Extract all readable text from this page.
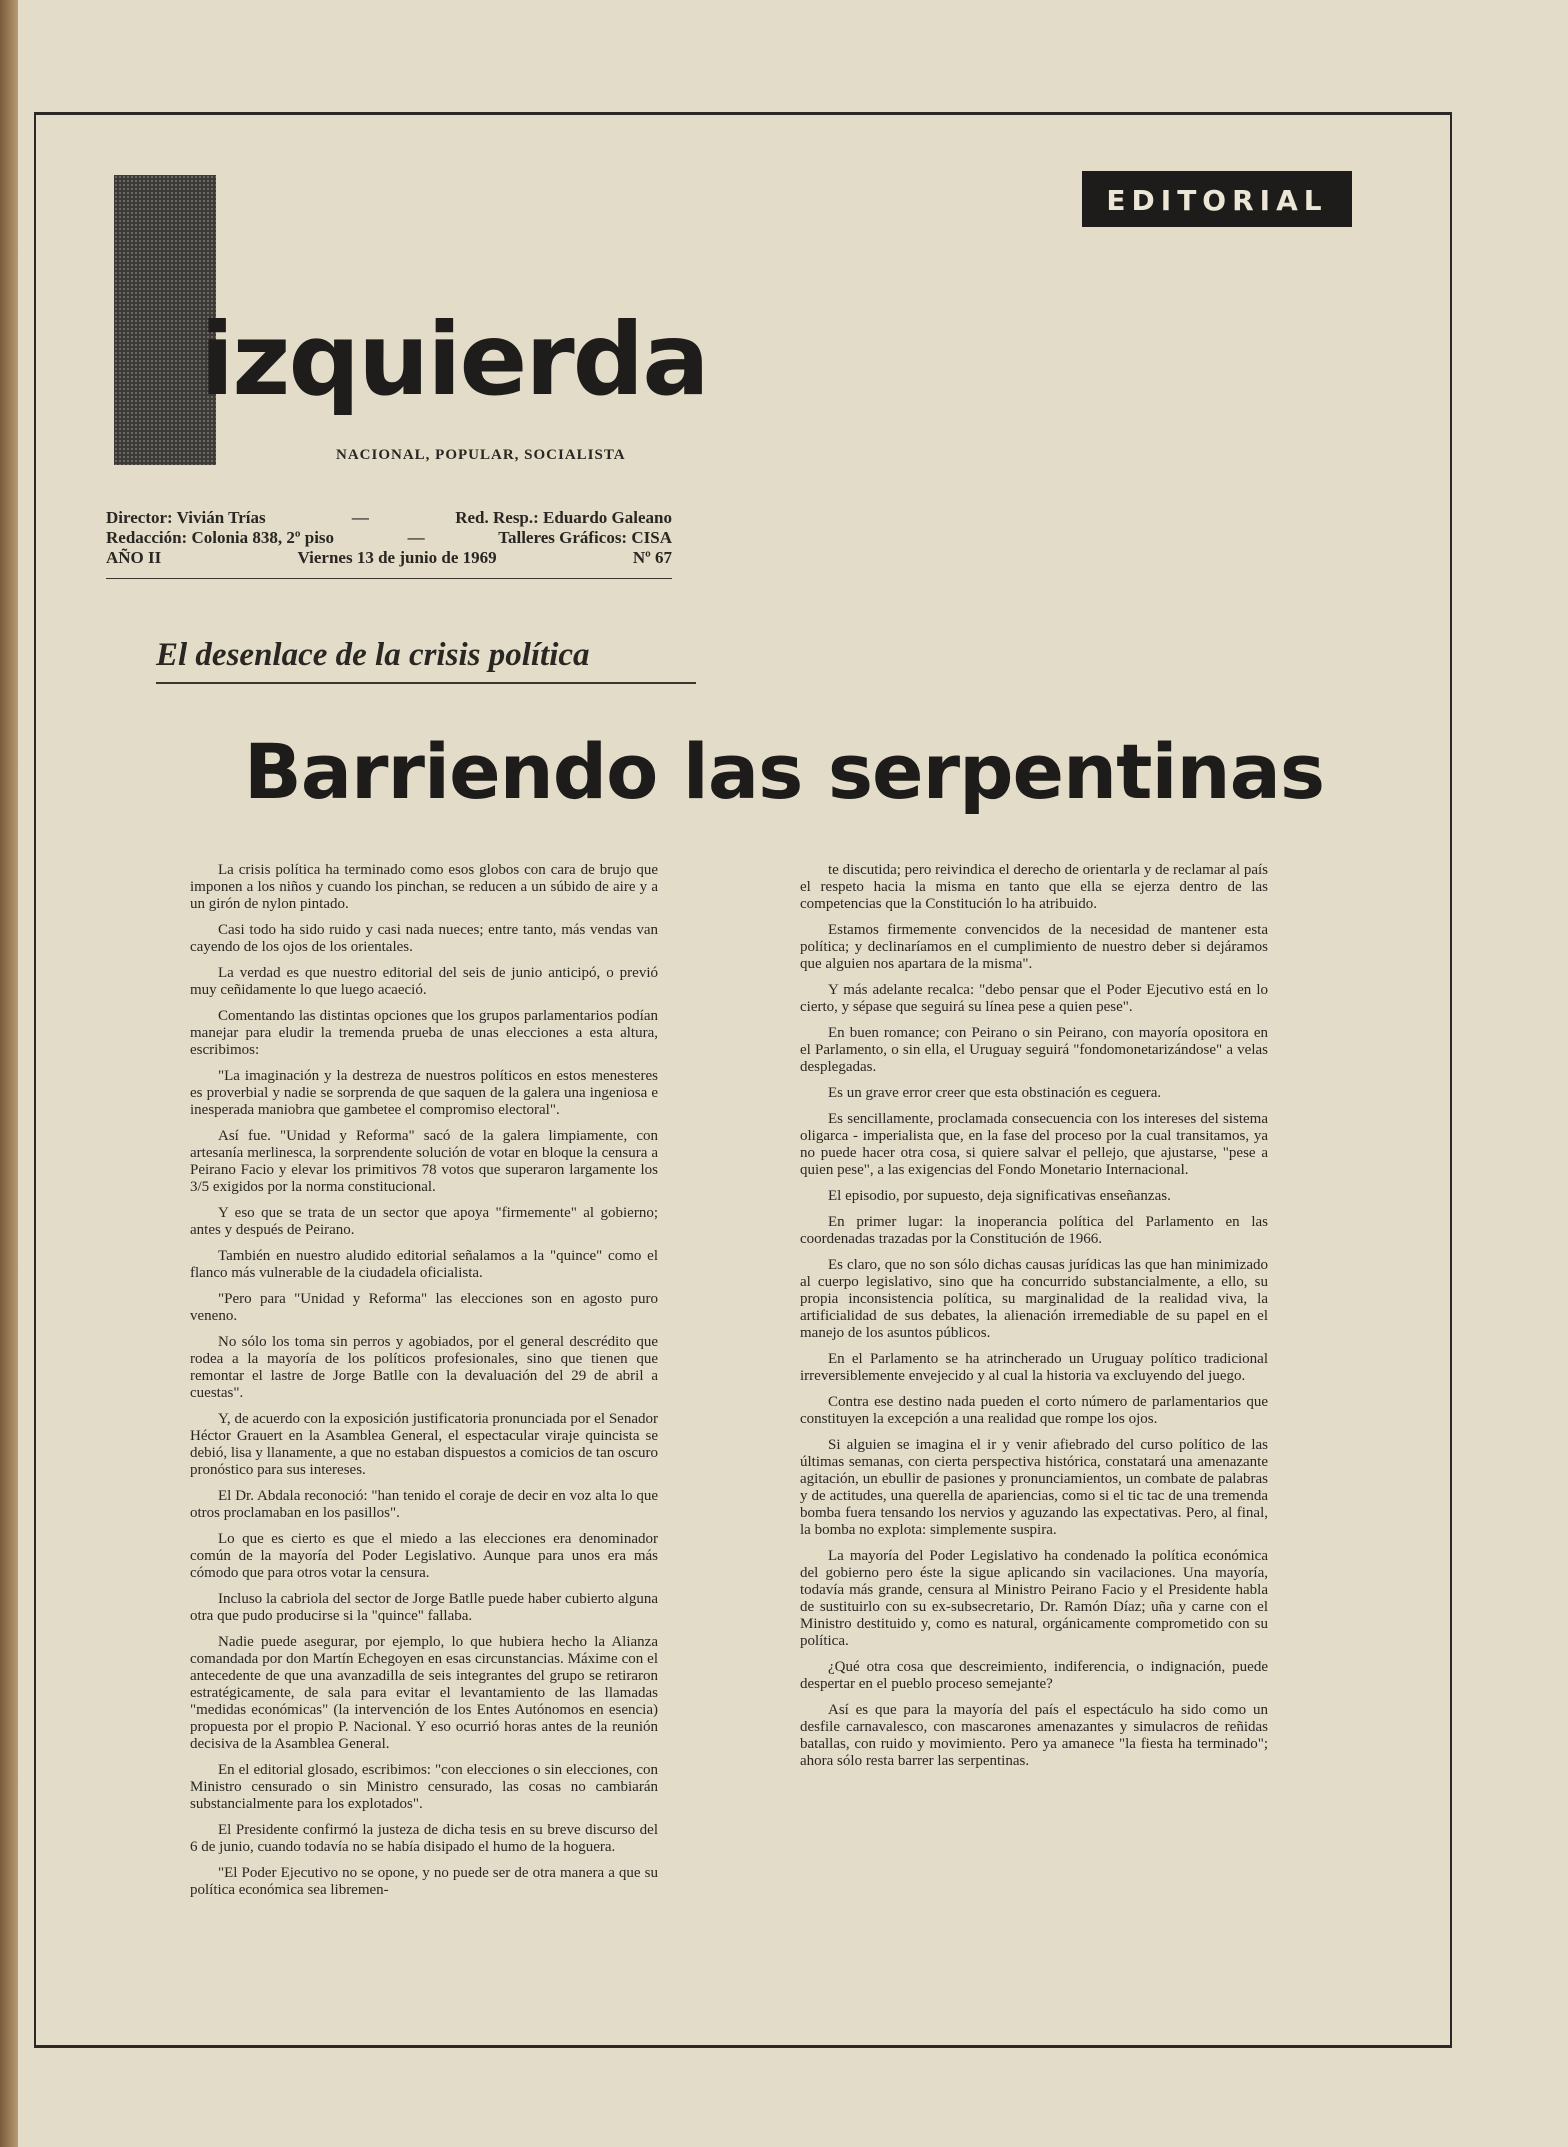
EDITORIAL
izquierda
NACIONAL, POPULAR, SOCIALISTA
Director: Vivián Trías	—	Red. Resp.: Eduardo Galeano
Redacción: Colonia 838, 2º piso	—	Talleres Gráficos: CISA
AÑO II	Viernes 13 de junio de 1969	Nº 67
El desenlace de la crisis política
Barriendo las serpentinas

La crisis política ha terminado como esos globos con cara de brujo que imponen a los niños y cuando los pinchan, se reducen a un súbido de aire y a un girón de nylon pintado.

Casi todo ha sido ruido y casi nada nueces; entre tanto, más vendas van cayendo de los ojos de los orientales.

La verdad es que nuestro editorial del seis de junio anticipó, o previó muy ceñidamente lo que luego acaeció.

Comentando las distintas opciones que los grupos parlamentarios podían manejar para eludir la tremenda prueba de unas elecciones a esta altura, escribimos:

"La imaginación y la destreza de nuestros políticos en estos menesteres es proverbial y nadie se sorprenda de que saquen de la galera una ingeniosa e inesperada maniobra que gambetee el compromiso electoral".

Así fue. "Unidad y Reforma" sacó de la galera limpiamente, con artesanía merlinesca, la sorprendente solución de votar en bloque la censura a Peirano Facio y elevar los primitivos 78 votos que superaron largamente los 3/5 exigidos por la norma constitucional.

Y eso que se trata de un sector que apoya "firmemente" al gobierno; antes y después de Peirano.

También en nuestro aludido editorial señalamos a la "quince" como el flanco más vulnerable de la ciudadela oficialista.

"Pero para "Unidad y Reforma" las elecciones son en agosto puro veneno.

No sólo los toma sin perros y agobiados, por el general descrédito que rodea a la mayoría de los políticos profesionales, sino que tienen que remontar el lastre de Jorge Batlle con la devaluación del 29 de abril a cuestas".

Y, de acuerdo con la exposición justificatoria pronunciada por el Senador Héctor Grauert en la Asamblea General, el espectacular viraje quincista se debió, lisa y llanamente, a que no estaban dispuestos a comicios de tan oscuro pronóstico para sus intereses.

El Dr. Abdala reconoció: "han tenido el coraje de decir en voz alta lo que otros proclamaban en los pasillos".

Lo que es cierto es que el miedo a las elecciones era denominador común de la mayoría del Poder Legislativo. Aunque para unos era más cómodo que para otros votar la censura.

Incluso la cabriola del sector de Jorge Batlle puede haber cubierto alguna otra que pudo producirse si la "quince" fallaba.

Nadie puede asegurar, por ejemplo, lo que hubiera hecho la Alianza comandada por don Martín Echegoyen en esas circunstancias. Máxime con el antecedente de que una avanzadilla de seis integrantes del grupo se retiraron estratégicamente, de sala para evitar el levantamiento de las llamadas "medidas económicas" (la intervención de los Entes Autónomos en esencia) propuesta por el propio P. Nacional. Y eso ocurrió horas antes de la reunión decisiva de la Asamblea General.

En el editorial glosado, escribimos: "con elecciones o sin elecciones, con Ministro censurado o sin Ministro censurado, las cosas no cambiarán substancialmente para los explotados".

El Presidente confirmó la justeza de dicha tesis en su breve discurso del 6 de junio, cuando todavía no se había disipado el humo de la hoguera.

"El Poder Ejecutivo no se opone, y no puede ser de otra manera a que su política económica sea libremen-

te discutida; pero reivindica el derecho de orientarla y de reclamar al país el respeto hacia la misma en tanto que ella se ejerza dentro de las competencias que la Constitución lo ha atribuido.

Estamos firmemente convencidos de la necesidad de mantener esta política; y declinaríamos en el cumplimiento de nuestro deber si dejáramos que alguien nos apartara de la misma".

Y más adelante recalca: "debo pensar que el Poder Ejecutivo está en lo cierto, y sépase que seguirá su línea pese a quien pese".

En buen romance; con Peirano o sin Peirano, con mayoría opositora en el Parlamento, o sin ella, el Uruguay seguirá "fondomonetarizándose" a velas desplegadas.

Es un grave error creer que esta obstinación es ceguera.

Es sencillamente, proclamada consecuencia con los intereses del sistema oligarca - imperialista que, en la fase del proceso por la cual transitamos, ya no puede hacer otra cosa, si quiere salvar el pellejo, que ajustarse, "pese a quien pese", a las exigencias del Fondo Monetario Internacional.

El episodio, por supuesto, deja significativas enseñanzas.

En primer lugar: la inoperancia política del Parlamento en las coordenadas trazadas por la Constitución de 1966.

Es claro, que no son sólo dichas causas jurídicas las que han minimizado al cuerpo legislativo, sino que ha concurrido substancialmente, a ello, su propia inconsistencia política, su marginalidad de la realidad viva, la artificialidad de sus debates, la alienación irremediable de su papel en el manejo de los asuntos públicos.

En el Parlamento se ha atrincherado un Uruguay político tradicional irreversiblemente envejecido y al cual la historia va excluyendo del juego.

Contra ese destino nada pueden el corto número de parlamentarios que constituyen la excepción a una realidad que rompe los ojos.

Si alguien se imagina el ir y venir afiebrado del curso político de las últimas semanas, con cierta perspectiva histórica, constatará una amenazante agitación, un ebullir de pasiones y pronunciamientos, un combate de palabras y de actitudes, una querella de apariencias, como si el tic tac de una tremenda bomba fuera tensando los nervios y aguzando las expectativas. Pero, al final, la bomba no explota: simplemente suspira.

La mayoría del Poder Legislativo ha condenado la política económica del gobierno pero éste la sigue aplicando sin vacilaciones. Una mayoría, todavía más grande, censura al Ministro Peirano Facio y el Presidente habla de sustituirlo con su ex-subsecretario, Dr. Ramón Díaz; uña y carne con el Ministro destituido y, como es natural, orgánicamente comprometido con su política.

¿Qué otra cosa que descreimiento, indiferencia, o indignación, puede despertar en el pueblo proceso semejante?

Así es que para la mayoría del país el espectáculo ha sido como un desfile carnavalesco, con mascarones amenazantes y simulacros de reñidas batallas, con ruido y movimiento. Pero ya amanece "la fiesta ha terminado"; ahora sólo resta barrer las serpentinas.
